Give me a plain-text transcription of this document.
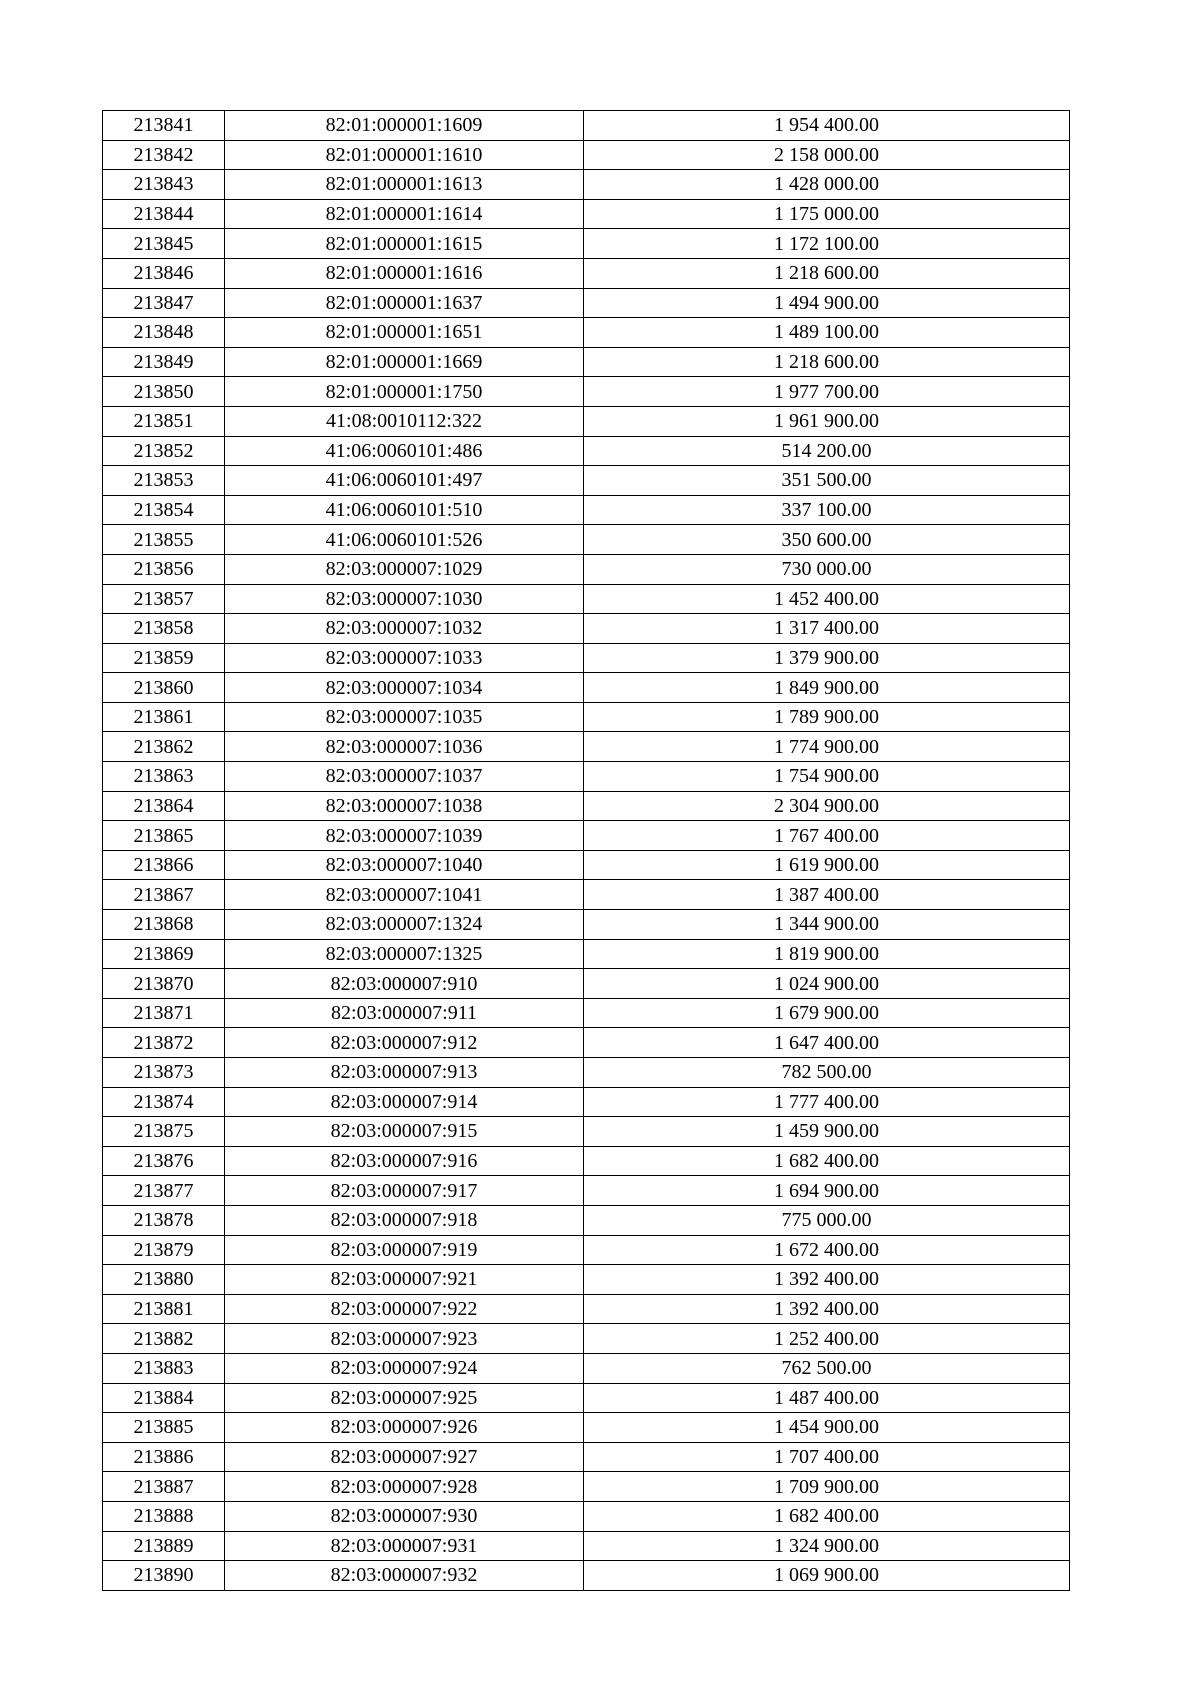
213841	82:01:000001:1609	1 954 400.00
213842	82:01:000001:1610	2 158 000.00
213843	82:01:000001:1613	1 428 000.00
213844	82:01:000001:1614	1 175 000.00
213845	82:01:000001:1615	1 172 100.00
213846	82:01:000001:1616	1 218 600.00
213847	82:01:000001:1637	1 494 900.00
213848	82:01:000001:1651	1 489 100.00
213849	82:01:000001:1669	1 218 600.00
213850	82:01:000001:1750	1 977 700.00
213851	41:08:0010112:322	1 961 900.00
213852	41:06:0060101:486	514 200.00
213853	41:06:0060101:497	351 500.00
213854	41:06:0060101:510	337 100.00
213855	41:06:0060101:526	350 600.00
213856	82:03:000007:1029	730 000.00
213857	82:03:000007:1030	1 452 400.00
213858	82:03:000007:1032	1 317 400.00
213859	82:03:000007:1033	1 379 900.00
213860	82:03:000007:1034	1 849 900.00
213861	82:03:000007:1035	1 789 900.00
213862	82:03:000007:1036	1 774 900.00
213863	82:03:000007:1037	1 754 900.00
213864	82:03:000007:1038	2 304 900.00
213865	82:03:000007:1039	1 767 400.00
213866	82:03:000007:1040	1 619 900.00
213867	82:03:000007:1041	1 387 400.00
213868	82:03:000007:1324	1 344 900.00
213869	82:03:000007:1325	1 819 900.00
213870	82:03:000007:910	1 024 900.00
213871	82:03:000007:911	1 679 900.00
213872	82:03:000007:912	1 647 400.00
213873	82:03:000007:913	782 500.00
213874	82:03:000007:914	1 777 400.00
213875	82:03:000007:915	1 459 900.00
213876	82:03:000007:916	1 682 400.00
213877	82:03:000007:917	1 694 900.00
213878	82:03:000007:918	775 000.00
213879	82:03:000007:919	1 672 400.00
213880	82:03:000007:921	1 392 400.00
213881	82:03:000007:922	1 392 400.00
213882	82:03:000007:923	1 252 400.00
213883	82:03:000007:924	762 500.00
213884	82:03:000007:925	1 487 400.00
213885	82:03:000007:926	1 454 900.00
213886	82:03:000007:927	1 707 400.00
213887	82:03:000007:928	1 709 900.00
213888	82:03:000007:930	1 682 400.00
213889	82:03:000007:931	1 324 900.00
213890	82:03:000007:932	1 069 900.00
